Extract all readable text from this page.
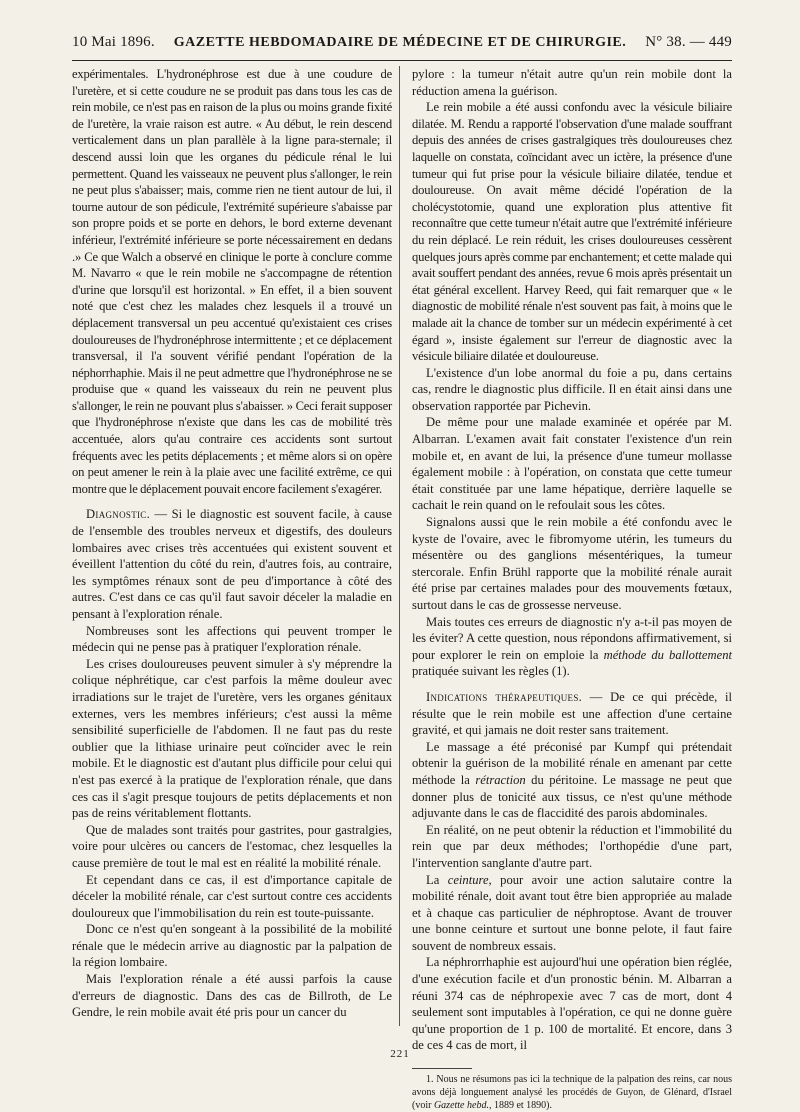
10 Mai 1896. GAZETTE HEBDOMADAIRE DE MÉDECINE ET DE CHIRURGIE. N° 38. — 449

expérimentales. L'hydronéphrose est due à une coudure de l'uretère, et si cette coudure ne se produit pas dans tous les cas de rein mobile, ce n'est pas en raison de la plus ou moins grande fixité de l'uretère, la vraie raison est autre. « Au début, le rein descend verticalement dans un plan parallèle à la ligne para-sternale; il descend aussi loin que les organes du pédicule rénal le lui permettent. Quand les vaisseaux ne peuvent plus s'allonger, le rein ne peut plus s'abaisser; mais, comme rien ne tient autour de lui, il tourne autour de son pédicule, l'extrémité supérieure s'abaisse par son propre poids et se porte en dehors, le bord externe devenant inférieur, l'extrémité inférieure se porte nécessairement en dedans .» Ce que Walch a observé en clinique le porte à conclure comme M. Navarro « que le rein mobile ne s'accompagne de rétention d'urine que lorsqu'il est horizontal. » En effet, il a bien souvent noté que c'est chez les malades chez lesquels il a trouvé un déplacement transversal un peu accentué qu'existaient ces crises douloureuses de l'hydronéphrose intermittente ; et ce déplacement transversal, il l'a souvent vérifié pendant l'opération de la néphorrhaphie. Mais il ne peut admettre que l'hydronéphrose ne se produise que « quand les vaisseaux du rein ne peuvent plus s'allonger, le rein ne pouvant plus s'abaisser. » Ceci ferait supposer que l'hydronéphrose n'existe que dans les cas de mobilité très accentuée, alors qu'au contraire ces accidents sont surtout fréquents avec les petits déplacements ; et même alors si on opère on peut amener le rein à la plaie avec une facilité extrême, ce qui montre que le déplacement pouvait encore facilement s'exagérer.

Diagnostic. — Si le diagnostic est souvent facile, à cause de l'ensemble des troubles nerveux et digestifs, des douleurs lombaires avec crises très accentuées qui existent souvent et éveillent l'attention du côté du rein, d'autres fois, au contraire, les symptômes rénaux sont de peu d'importance à côté des autres. C'est dans ce cas qu'il faut savoir déceler la maladie en pensant à l'exploration rénale.

Nombreuses sont les affections qui peuvent tromper le médecin qui ne pense pas à pratiquer l'exploration rénale.

Les crises douloureuses peuvent simuler à s'y méprendre la colique néphrétique, car c'est parfois la même douleur avec irradiations sur le trajet de l'uretère, vers les organes génitaux externes, vers les membres inférieurs; c'est aussi la même sensibilité superficielle de l'abdomen. Il ne faut pas du reste oublier que la lithiase urinaire peut coïncider avec le rein mobile. Et le diagnostic est d'autant plus difficile pour celui qui n'est pas exercé à la pratique de l'exploration rénale, que dans ces cas il s'agit presque toujours de petits déplacements et non pas de reins véritablement flottants.

Que de malades sont traités pour gastrites, pour gastralgies, voire pour ulcères ou cancers de l'estomac, chez lesquelles la cause première de tout le mal est en réalité la mobilité rénale.

Et cependant dans ce cas, il est d'importance capitale de déceler la mobilité rénale, car c'est surtout contre ces accidents douloureux que l'immobilisation du rein est toute-puissante.

Donc ce n'est qu'en songeant à la possibilité de la mobilité rénale que le médecin arrive au diagnostic par la palpation de la région lombaire.

Mais l'exploration rénale a été aussi parfois la cause d'erreurs de diagnostic. Dans des cas de Billroth, de Le Gendre, le rein mobile avait été pris pour un cancer du

pylore : la tumeur n'était autre qu'un rein mobile dont la réduction amena la guérison.

Le rein mobile a été aussi confondu avec la vésicule biliaire dilatée. M. Rendu a rapporté l'observation d'une malade souffrant depuis des années de crises gastralgiques très douloureuses chez laquelle on constata, coïncidant avec un ictère, la présence d'une tumeur qui fut prise pour la vésicule biliaire dilatée, tendue et douloureuse. On avait même décidé l'opération de la cholécystotomie, quand une exploration plus attentive fit reconnaître que cette tumeur n'était autre que l'extrémité inférieure du rein déplacé. Le rein réduit, les crises douloureuses cessèrent quelques jours après comme par enchantement; et cette malade qui avait souffert pendant des années, revue 6 mois après présentait un état général excellent. Harvey Reed, qui fait remarquer que « le diagnostic de mobilité rénale n'est souvent pas fait, à moins que le malade ait la chance de tomber sur un médecin expérimenté à cet égard », insiste également sur l'erreur de diagnostic avec la vésicule biliaire dilatée et douloureuse.

L'existence d'un lobe anormal du foie a pu, dans certains cas, rendre le diagnostic plus difficile. Il en était ainsi dans une observation rapportée par Pichevin.

De même pour une malade examinée et opérée par M. Albarran. L'examen avait fait constater l'existence d'un rein mobile et, en avant de lui, la présence d'une tumeur mollasse également mobile : à l'opération, on constata que cette tumeur était constituée par une lame hépatique, derrière laquelle se cachait le rein quand on le refoulait sous les côtes.

Signalons aussi que le rein mobile a été confondu avec le kyste de l'ovaire, avec le fibromyome utérin, les tumeurs du mésentère ou des ganglions mésentériques, la tumeur stercorale. Enfin Brühl rapporte que la mobilité rénale aurait été prise par certaines malades pour des mouvements fœtaux, surtout dans le cas de grossesse nerveuse.

Mais toutes ces erreurs de diagnostic n'y a-t-il pas moyen de les éviter? A cette question, nous répondons affirmativement, si pour explorer le rein on emploie la méthode du ballottement pratiquée suivant les règles (1).

Indications thérapeutiques. — De ce qui précède, il résulte que le rein mobile est une affection d'une certaine gravité, et qui jamais ne doit rester sans traitement.

Le massage a été préconisé par Kumpf qui prétendait obtenir la guérison de la mobilité rénale en amenant par cette méthode la rétraction du péritoine. Le massage ne peut que donner plus de tonicité aux tissus, ce n'est qu'une méthode adjuvante dans le cas de flaccidité des parois abdominales.

En réalité, on ne peut obtenir la réduction et l'immobilité du rein que par deux méthodes; l'orthopédie d'une part, l'intervention sanglante d'autre part.

La ceinture, pour avoir une action salutaire contre la mobilité rénale, doit avant tout être bien appropriée au malade et à chaque cas particulier de néphroptose. Avant de trouver une bonne ceinture et surtout une bonne pelote, il faut faire souvent de nombreux essais.

La néphrorrhaphie est aujourd'hui une opération bien réglée, d'une exécution facile et d'un pronostic bénin. M. Albarran a réuni 374 cas de néphropexie avec 7 cas de mort, dont 4 seulement sont imputables à l'opération, ce qui ne donne guère qu'une proportion de 1 p. 100 de mortalité. Et encore, dans 3 de ces 4 cas de mort, il

1. Nous ne résumons pas ici la technique de la palpation des reins, car nous avons déjà longuement analysé les procédés de Guyon, de Glénard, d'Israel (voir Gazette hebd., 1889 et 1890).

221
